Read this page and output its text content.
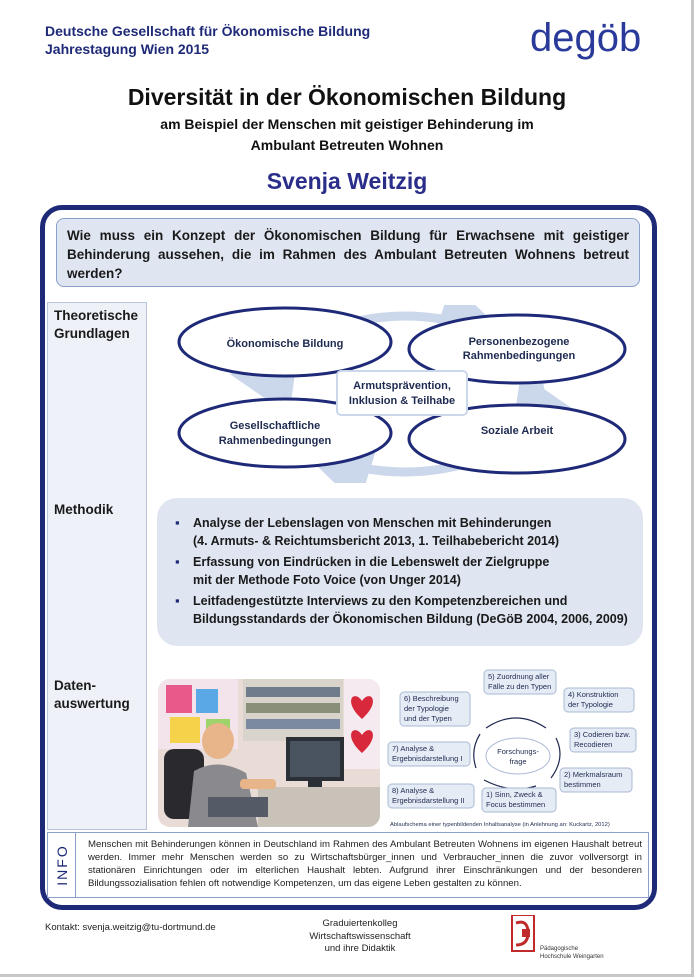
Deutsche Gesellschaft für Ökonomische Bildung
Jahrestagung Wien 2015	degöb
Diversität in der Ökonomischen Bildung
am Beispiel der Menschen mit geistiger Behinderung im
Ambulant Betreuten Wohnen
Svenja Weitzig
Wie muss ein Konzept der Ökonomischen Bildung für Erwachsene mit geistiger Behinderung aussehen, die im Rahmen des Ambulant Betreuten Wohnens betreut werden?
Theoretische
Grundlagen
Methodik
Daten-
auswertung
Ökonomische Bildung	Personenbezogene
Rahmenbedingungen
Gesellschaftliche
Rahmenbedingungen
Soziale Arbeit
Armutsprävention,
Inklusion & Teilhabe
▪ Analyse der Lebenslagen von Menschen mit Behinderungen
(4. Armuts- & Reichtumsbericht 2013, 1. Teilhabebericht 2014)
▪ Erfassung von Eindrücken in die Lebenswelt der Zielgruppe
mit der Methode Foto Voice (von Unger 2014)
▪ Leitfadengestützte Interviews zu den Kompetenzbereichen und
Bildungsstandards der Ökonomischen Bildung (DeGöB 2004, 2006, 2009)
5) Zuordnung aller
Fälle zu den Typen
6) Beschreibung
der Typologie
und der Typen
4) Konstruktion
der Typologie
Forschungs-
frage
3) Codieren bzw.
Recodieren
7) Analyse &
Ergebnisdarstellung I
2) Merkmalsraum
bestimmen
8) Analyse &
Ergebnisdarstellung II
1) Sinn, Zweck &
Focus bestimmen
Ablaufschema einer typenbildenden Inhaltsanalyse (in Anlehnung an: Kuckartz, 2012)
INFO Menschen mit Behinderungen können in Deutschland im Rahmen des Ambulant Betreuten Wohnens im eigenen Haushalt betreut werden. Immer mehr Menschen werden so zu Wirtschaftsbürger_innen und Verbraucher_innen die zuvor vollversorgt in stationären Einrichtungen oder im elterlichen Haushalt lebten. Aufgrund ihrer Einschränkungen und der besonderen Bildungssozialisation fehlen oft notwendige Kompetenzen, um das eigene Leben gestalten zu können.
Kontakt: svenja.weitzig@tu-dortmund.de	Graduiertenkolleg
Wirtschaftswissenschaft
und ihre Didaktik	Pädagogische
Hochschule Weingarten
